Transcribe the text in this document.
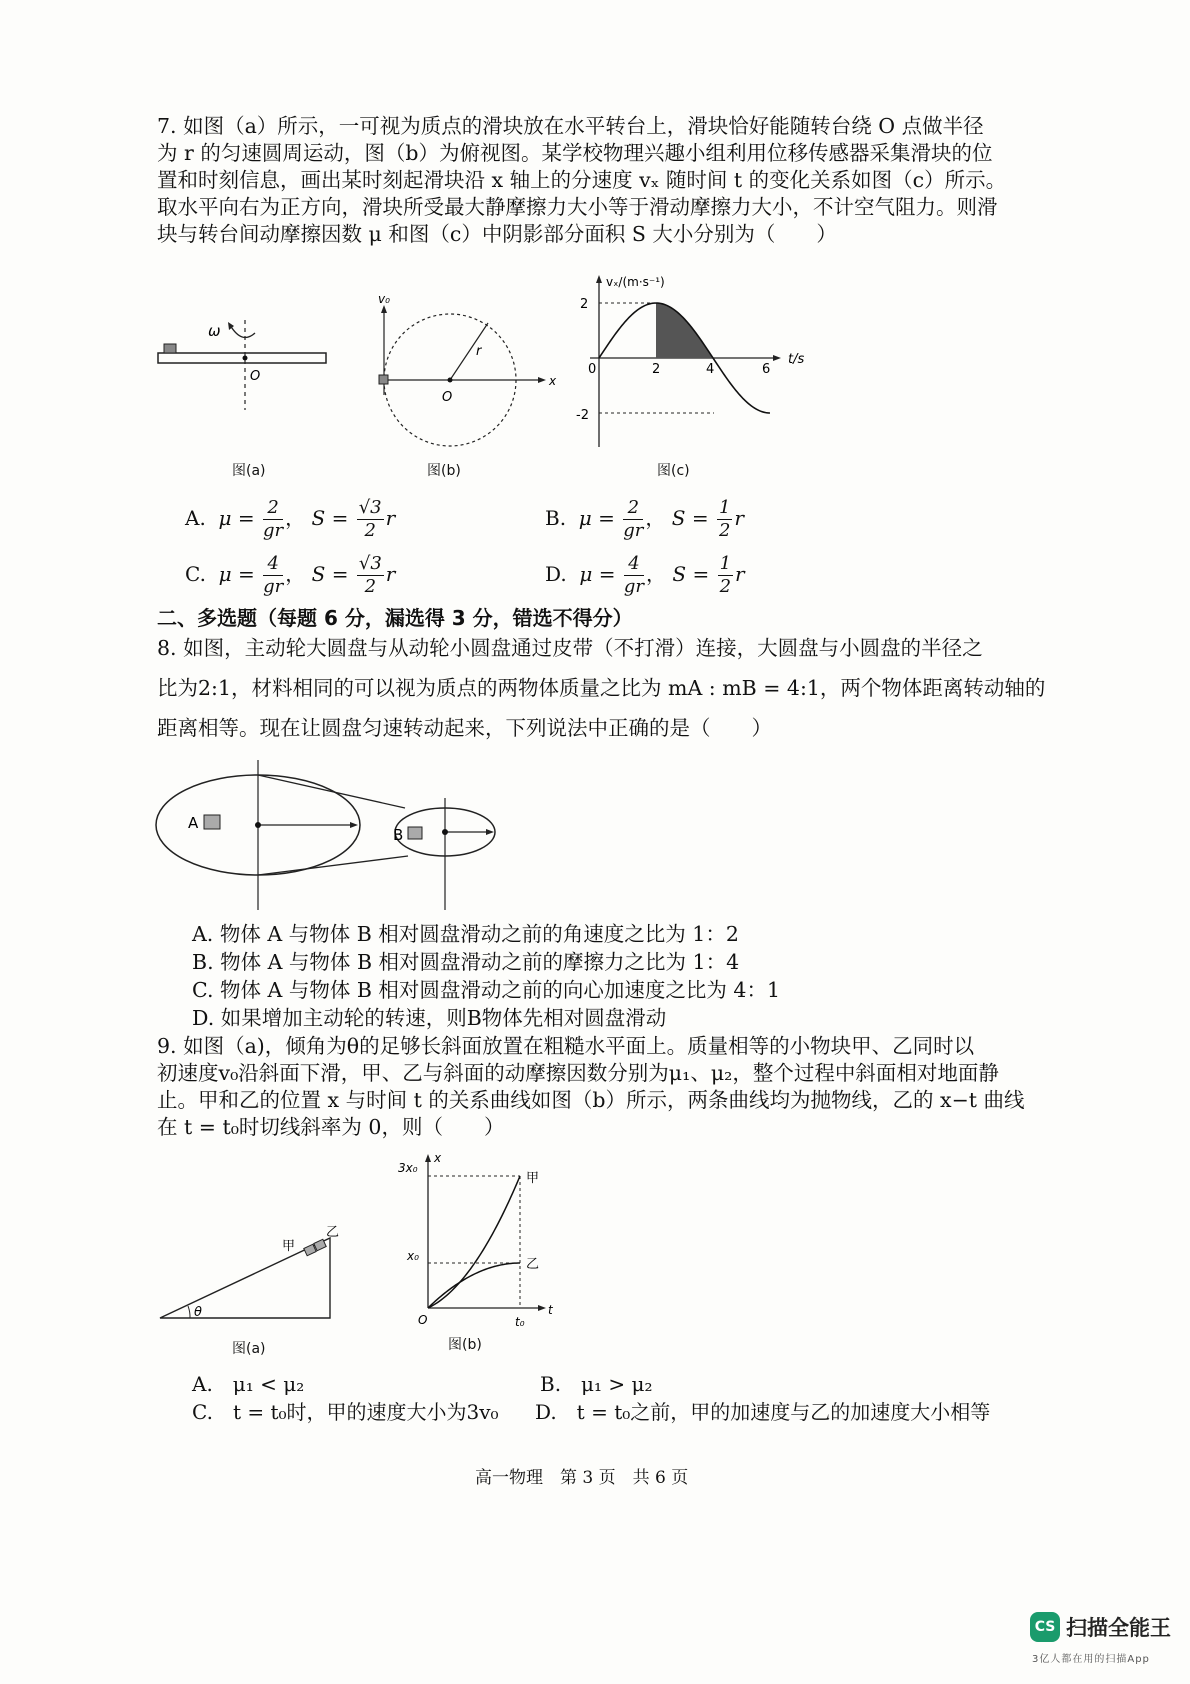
7. 如图（a）所示，一可视为质点的滑块放在水平转台上，滑块恰好能随转台绕 O 点做半径
为 r 的匀速圆周运动，图（b）为俯视图。某学校物理兴趣小组利用位移传感器采集滑块的位
置和时刻信息，画出某时刻起滑块沿 x 轴上的分速度 vₓ 随时间 t 的变化关系如图（c）所示。
取水平向右为正方向，滑块所受最大静摩擦力大小等于滑动摩擦力大小，不计空气阻力。则滑
块与转台间动摩擦因数 μ 和图（c）中阴影部分面积 S 大小分别为（　　）
ω
O
图(a)
v₀
r
O
x
图(b)
2
-2
0	2	4	6
vₓ/(m·s⁻¹)
t/s
图(c)
A. $\mu = \frac{2}{gr}$ ， $S = \frac{√3}{2}$ r	B. $\mu = \frac{2}{gr}$ ， $S = \frac{1}{2}$ r
C. $\mu = \frac{4}{gr}$ ， $S = \frac{√3}{2}$ r	D. $\mu = \frac{4}{gr}$ ， $S = \frac{1}{2}$ r
二、多选题（每题 6 分，漏选得 3 分，错选不得分）
8. 如图，主动轮大圆盘与从动轮小圆盘通过皮带（不打滑）连接，大圆盘与小圆盘的半径之
比为2:1，材料相同的可以视为质点的两物体质量之比为 mA : mB = 4:1，两个物体距离转动轴的
距离相等。现在让圆盘匀速转动起来，下列说法中正确的是（　　）
A
B
A. 物体 A 与物体 B 相对圆盘滑动之前的角速度之比为 1：2
B. 物体 A 与物体 B 相对圆盘滑动之前的摩擦力之比为 1：4
C. 物体 A 与物体 B 相对圆盘滑动之前的向心加速度之比为 4：1
D. 如果增加主动轮的转速，则B物体先相对圆盘滑动
9. 如图（a)，倾角为θ的足够长斜面放置在粗糙水平面上。质量相等的小物块甲、乙同时以
初速度v₀沿斜面下滑，甲、乙与斜面的动摩擦因数分别为μ₁、μ₂，整个过程中斜面相对地面静
止。甲和乙的位置 x 与时间 t 的关系曲线如图（b）所示，两条曲线均为抛物线，乙的 x−t 曲线
在 t = t₀时切线斜率为 0，则（　　）
甲
乙
θ
图(a)
3x₀
x₀
x
t
t₀
O
甲
乙
图(b)
A.　μ₁ < μ₂	B.　μ₁ > μ₂
C.　t = t₀时，甲的速度大小为3v₀ D.　t = t₀之前，甲的加速度与乙的加速度大小相等
高一物理　第 3 页　共 6 页
CS 扫描全能王
3亿人都在用的扫描App
